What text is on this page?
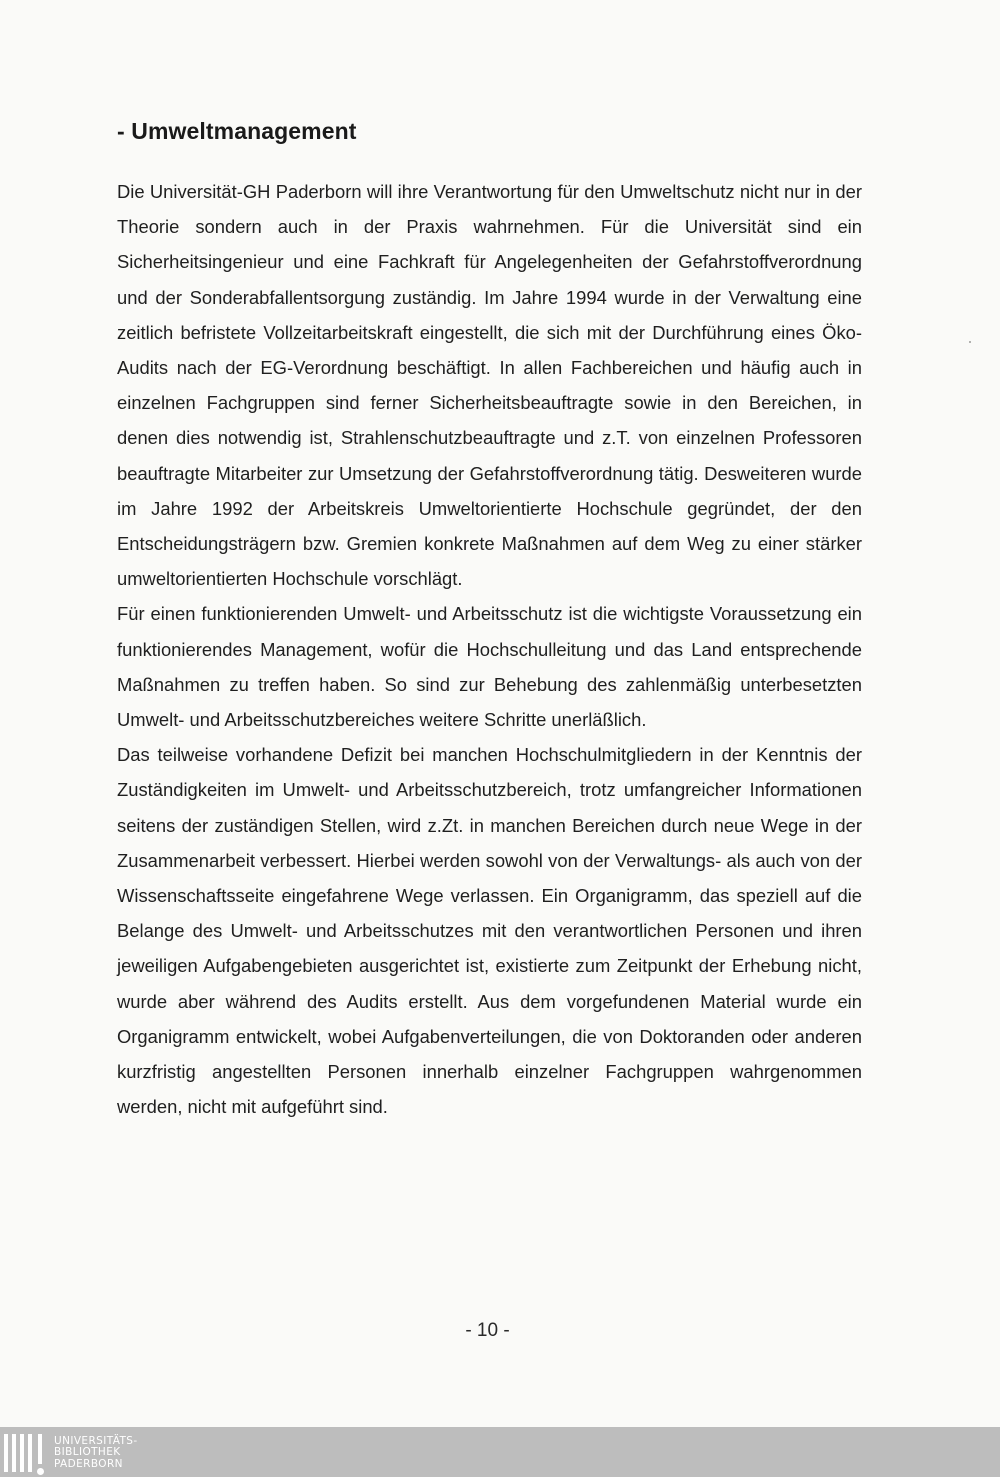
- Umweltmanagement

Die Universität-GH Paderborn will ihre Verantwortung für den Umweltschutz nicht nur in der Theorie sondern auch in der Praxis wahrnehmen. Für die Universität sind ein Sicherheitsingenieur und eine Fachkraft für Angelegenheiten der Gefahrstoffverordnung und der Sonderabfallentsorgung zuständig. Im Jahre 1994 wurde in der Verwaltung eine zeitlich befristete Vollzeitarbeitskraft eingestellt, die sich mit der Durchführung eines Öko-Audits nach der EG-Verordnung beschäftigt. In allen Fachbereichen und häufig auch in einzelnen Fachgruppen sind ferner Sicherheitsbeauftragte sowie in den Bereichen, in denen dies notwendig ist, Strahlenschutzbeauftragte und z.T. von einzelnen Professoren beauftragte Mitarbeiter zur Umsetzung der Gefahrstoffverordnung tätig. Desweiteren wurde im Jahre 1992 der Arbeitskreis Umweltorientierte Hochschule gegründet, der den Entscheidungsträgern bzw. Gremien konkrete Maßnahmen auf dem Weg zu einer stärker umweltorientierten Hochschule vorschlägt.

Für einen funktionierenden Umwelt- und Arbeitsschutz ist die wichtigste Voraussetzung ein funktionierendes Management, wofür die Hochschulleitung und das Land entsprechende Maßnahmen zu treffen haben. So sind zur Behebung des zahlenmäßig unterbesetzten Umwelt- und Arbeitsschutzbereiches weitere Schritte unerläßlich.

Das teilweise vorhandene Defizit bei manchen Hochschulmitgliedern in der Kenntnis der Zuständigkeiten im Umwelt- und Arbeitsschutzbereich, trotz umfangreicher Informationen seitens der zuständigen Stellen, wird z.Zt. in manchen Bereichen durch neue Wege in der Zusammenarbeit verbessert. Hierbei werden sowohl von der Verwaltungs- als auch von der Wissenschaftsseite eingefahrene Wege verlassen. Ein Organigramm, das speziell auf die Belange des Umwelt- und Arbeitsschutzes mit den verantwortlichen Personen und ihren jeweiligen Aufgabengebieten ausgerichtet ist, existierte zum Zeitpunkt der Erhebung nicht, wurde aber während des Audits erstellt. Aus dem vorgefundenen Material wurde ein Organigramm entwickelt, wobei Aufgabenverteilungen, die von Doktoranden oder anderen kurzfristig angestellten Personen innerhalb einzelner Fachgruppen wahrgenommen werden, nicht mit aufgeführt sind.

- 10 -
UNIVERSITÄTS-
BIBLIOTHEK
PADERBORN
